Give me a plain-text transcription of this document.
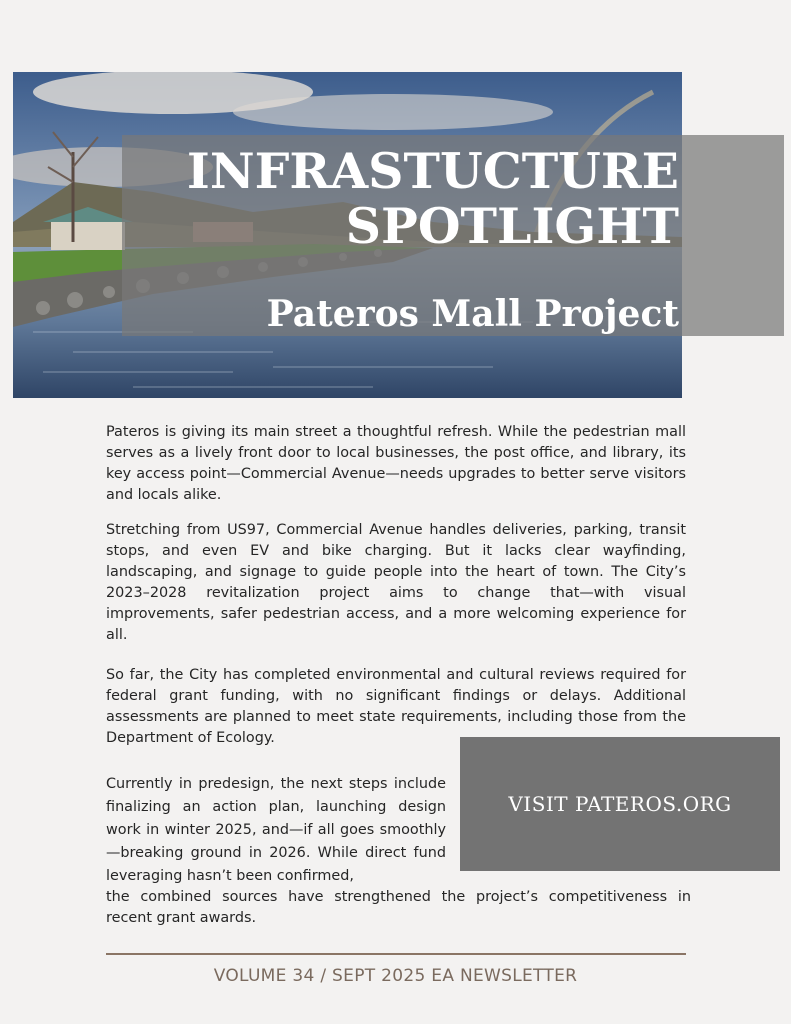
INFRASTUCTURE
SPOTLIGHT
Pateros Mall Project

Pateros is giving its main street a thoughtful refresh. While the pedestrian mall serves as a lively front door to local businesses, the post office, and library, its key access point—Commercial Avenue—needs upgrades to better serve visitors and locals alike.

Stretching from US97, Commercial Avenue handles deliveries, parking, transit stops, and even EV and bike charging. But it lacks clear wayfinding, landscaping, and signage to guide people into the heart of town. The City’s 2023–2028 revitalization project aims to change that—with visual improvements, safer pedestrian access, and a more welcoming experience for all.

So far, the City has completed environmental and cultural reviews required for federal grant funding, with no significant findings or delays. Additional assessments are planned to meet state requirements, including those from the Department of Ecology.

Currently in predesign, the next steps include finalizing an action plan, launching design work in winter 2025, and—if all goes smoothly—breaking ground in 2026. While direct fund leveraging hasn’t been confirmed,

the combined sources have strengthened the project’s competitiveness in recent grant awards.

VISIT PATEROS.ORG

VOLUME 34 / SEPT 2025 EA NEWSLETTER
